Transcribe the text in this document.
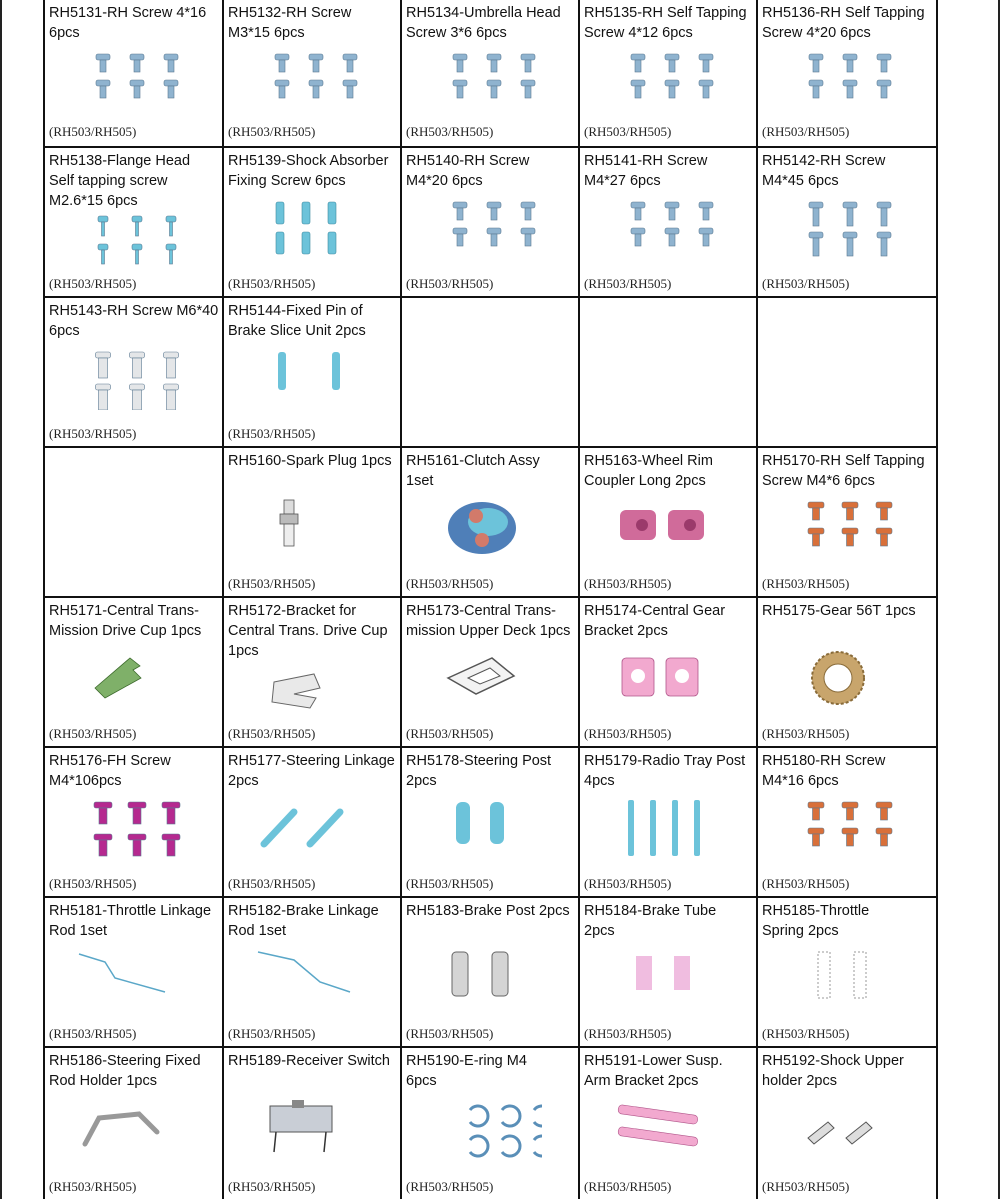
RH5131-RH Screw 4*16
6pcs
(RH503/RH505)
RH5132-RH Screw
M3*15 6pcs
(RH503/RH505)
RH5134-Umbrella Head
Screw 3*6 6pcs
(RH503/RH505)
RH5135-RH Self Tapping
Screw 4*12 6pcs
(RH503/RH505)
RH5136-RH Self Tapping
Screw 4*20 6pcs
(RH503/RH505)
RH5138-Flange Head
Self tapping screw
M2.6*15 6pcs
(RH503/RH505)
RH5139-Shock Absorber
Fixing Screw 6pcs
(RH503/RH505)
RH5140-RH Screw
M4*20 6pcs
(RH503/RH505)
RH5141-RH Screw
M4*27 6pcs
(RH503/RH505)
RH5142-RH Screw
M4*45 6pcs
(RH503/RH505)
RH5143-RH Screw M6*40
6pcs
(RH503/RH505)
RH5144-Fixed Pin of
Brake Slice Unit 2pcs
(RH503/RH505)
RH5160-Spark Plug 1pcs
(RH503/RH505)
RH5161-Clutch Assy
1set
(RH503/RH505)
RH5163-Wheel Rim
Coupler Long 2pcs
(RH503/RH505)
RH5170-RH Self Tapping
Screw M4*6 6pcs
(RH503/RH505)
RH5171-Central Trans-
Mission Drive Cup 1pcs
(RH503/RH505)
RH5172-Bracket for
Central Trans. Drive Cup
1pcs
(RH503/RH505)
RH5173-Central Trans-
mission Upper Deck 1pcs
(RH503/RH505)
RH5174-Central Gear
Bracket 2pcs
(RH503/RH505)
RH5175-Gear 56T 1pcs
(RH503/RH505)
RH5176-FH Screw
M4*106pcs
(RH503/RH505)
RH5177-Steering Linkage
2pcs
(RH503/RH505)
RH5178-Steering Post
2pcs
(RH503/RH505)
RH5179-Radio Tray Post
4pcs
(RH503/RH505)
RH5180-RH Screw
M4*16 6pcs
(RH503/RH505)
RH5181-Throttle Linkage
Rod 1set
(RH503/RH505)
RH5182-Brake Linkage
Rod 1set
(RH503/RH505)
RH5183-Brake Post 2pcs
(RH503/RH505)
RH5184-Brake Tube
2pcs
(RH503/RH505)
RH5185-Throttle
Spring 2pcs
(RH503/RH505)
RH5186-Steering Fixed
Rod Holder 1pcs
(RH503/RH505)
RH5189-Receiver Switch
(RH503/RH505)
RH5190-E-ring M4
6pcs
(RH503/RH505)
RH5191-Lower Susp.
Arm Bracket 2pcs
(RH503/RH505)
RH5192-Shock Upper
holder 2pcs
(RH503/RH505)
